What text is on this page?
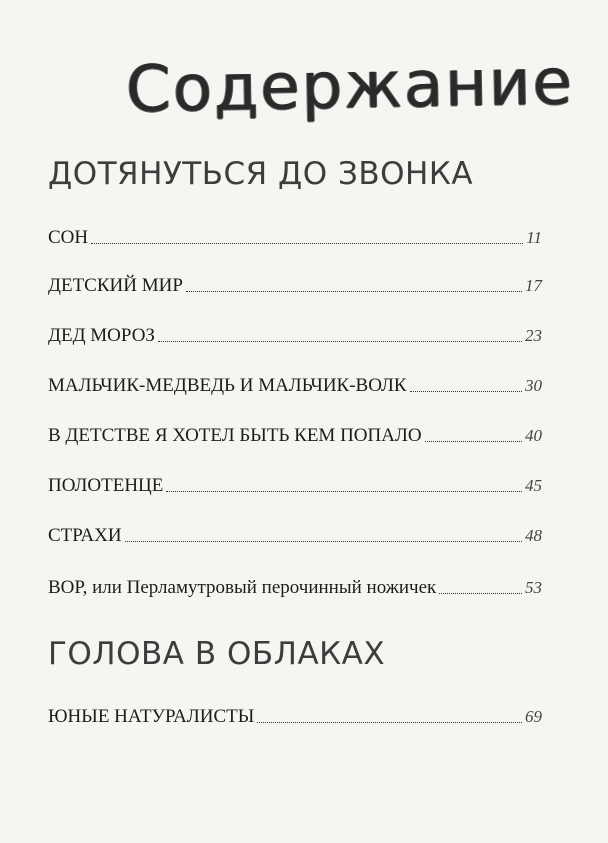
Содержание
ДОТЯНУТЬСЯ ДО ЗВОНКА
СОН	11
ДЕТСКИЙ МИР	17
ДЕД МОРОЗ	23
МАЛЬЧИК-МЕДВЕДЬ И МАЛЬЧИК-ВОЛК	30
В ДЕТСТВЕ Я ХОТЕЛ БЫТЬ КЕМ ПОПАЛО	40
ПОЛОТЕНЦЕ	45
СТРАХИ	48
ВОР, или Перламутровый перочинный ножичек	53
ГОЛОВА В ОБЛАКАХ
ЮНЫЕ НАТУРАЛИСТЫ	69
